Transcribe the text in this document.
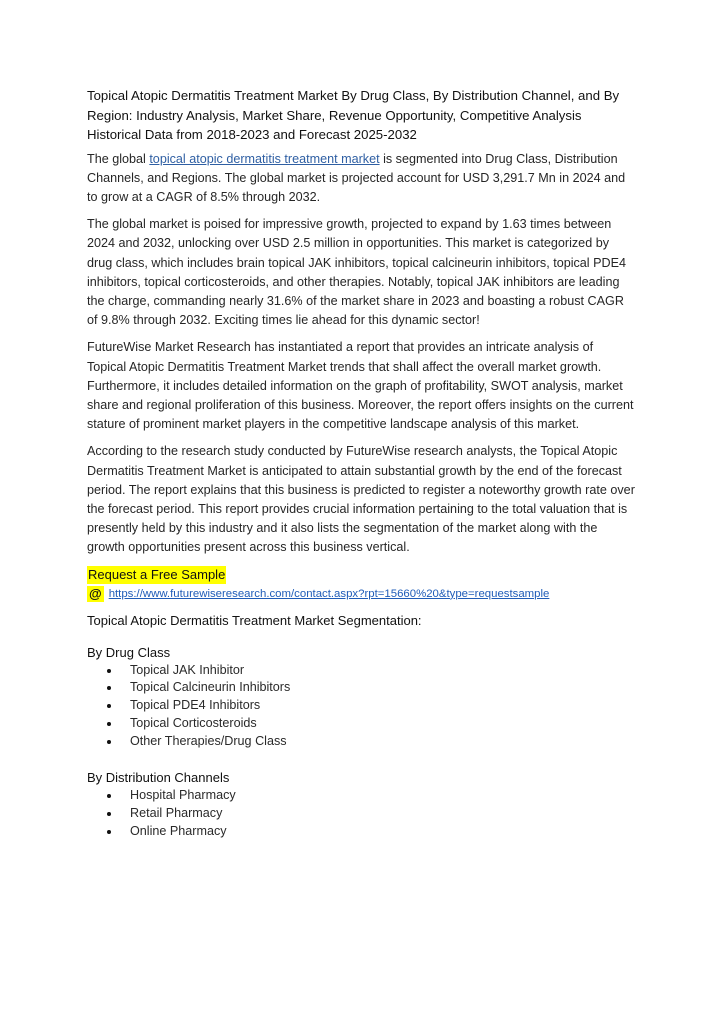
Topical Atopic Dermatitis Treatment Market By Drug Class, By Distribution Channel, and By Region: Industry Analysis, Market Share, Revenue Opportunity, Competitive Analysis Historical Data from 2018-2023 and Forecast 2025-2032

The global topical atopic dermatitis treatment market is segmented into Drug Class, Distribution Channels, and Regions. The global market is projected account for USD 3,291.7 Mn in 2024 and to grow at a CAGR of 8.5% through 2032.

The global market is poised for impressive growth, projected to expand by 1.63 times between 2024 and 2032, unlocking over USD 2.5 million in opportunities. This market is categorized by drug class, which includes brain topical JAK inhibitors, topical calcineurin inhibitors, topical PDE4 inhibitors, topical corticosteroids, and other therapies. Notably, topical JAK inhibitors are leading the charge, commanding nearly 31.6% of the market share in 2023 and boasting a robust CAGR of 9.8% through 2032. Exciting times lie ahead for this dynamic sector!

FutureWise Market Research has instantiated a report that provides an intricate analysis of Topical Atopic Dermatitis Treatment Market trends that shall affect the overall market growth. Furthermore, it includes detailed information on the graph of profitability, SWOT analysis, market share and regional proliferation of this business. Moreover, the report offers insights on the current stature of prominent market players in the competitive landscape analysis of this market.

According to the research study conducted by FutureWise research analysts, the Topical Atopic Dermatitis Treatment Market is anticipated to attain substantial growth by the end of the forecast period. The report explains that this business is predicted to register a noteworthy growth rate over the forecast period. This report provides crucial information pertaining to the total valuation that is presently held by this industry and it also lists the segmentation of the market along with the growth opportunities present across this business vertical.

Request a Free Sample
@ https://www.futurewiseresearch.com/contact.aspx?rpt=15660%20&type=requestsample
Topical Atopic Dermatitis Treatment Market Segmentation:
By Drug Class
Topical JAK Inhibitor
Topical Calcineurin Inhibitors
Topical PDE4 Inhibitors
Topical Corticosteroids
Other Therapies/Drug Class
By Distribution Channels
Hospital Pharmacy
Retail Pharmacy
Online Pharmacy
